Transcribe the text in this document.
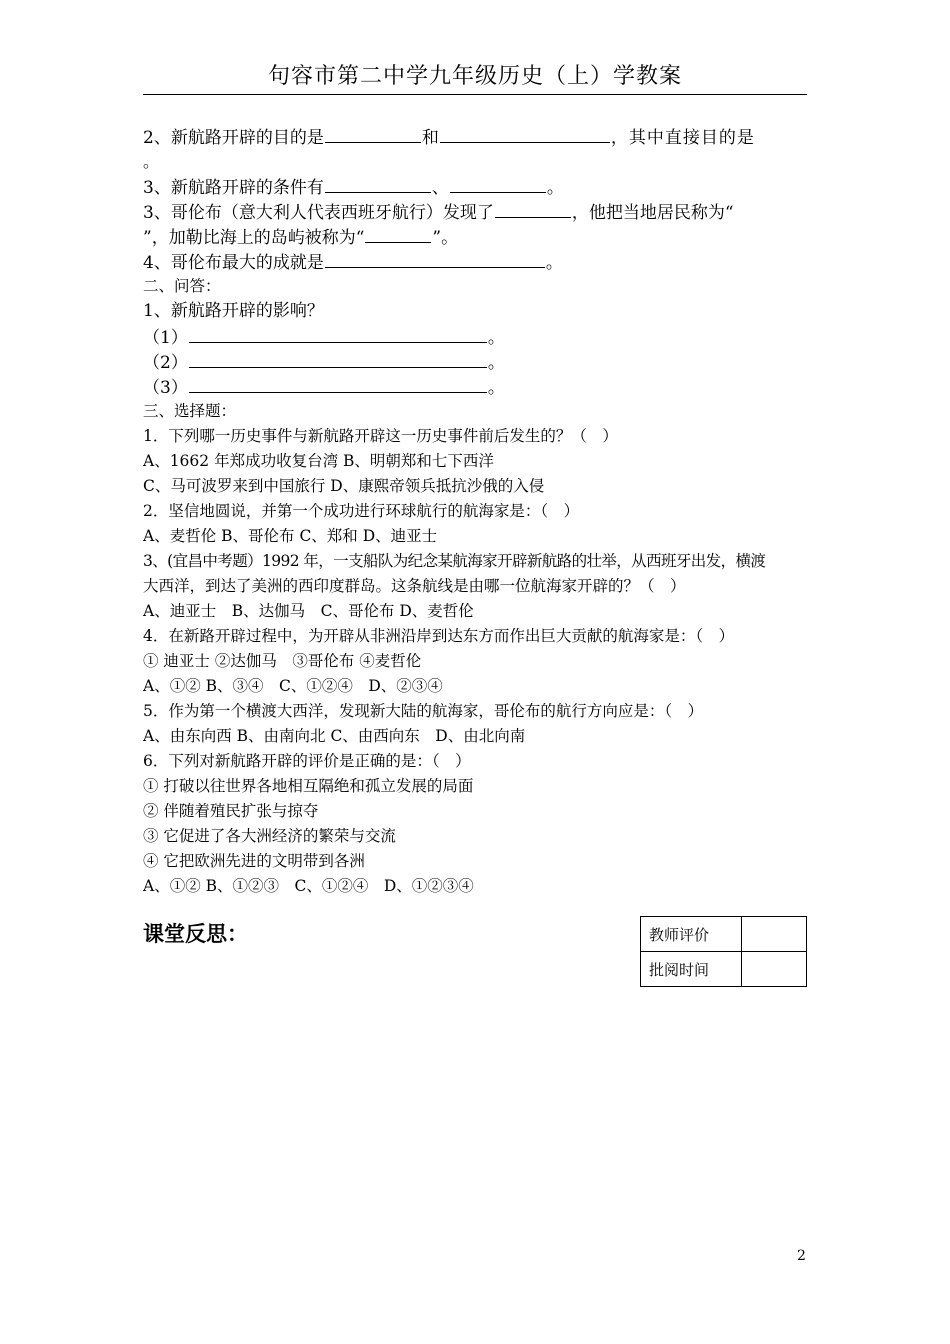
句容市第二中学九年级历史（上）学教案
2、新航路开辟的目的是	和	，其中直接目的是
。
3、新航路开辟的条件有	、	。
3、哥伦布（意大利人代表西班牙航行）发现了	，他把当地居民称为“
”，加勒比海上的岛屿被称为“	”。
4、哥伦布最大的成就是	。
二、问答：
1、新航路开辟的影响？
（1）	。
（2）	。
（3）	。
三、选择题：
1．下列哪一历史事件与新航路开辟这一历史事件前后发生的？（　）
A、1662 年郑成功收复台湾 B、明朝郑和七下西洋
C、马可波罗来到中国旅行 D、康熙帝领兵抵抗沙俄的入侵
2．坚信地圆说，并第一个成功进行环球航行的航海家是：（　）
A、麦哲伦 B、哥伦布 C、郑和 D、迪亚士
3、(宜昌中考题）1992 年，一支船队为纪念某航海家开辟新航路的壮举，从西班牙出发，横渡
大西洋，到达了美洲的西印度群岛。这条航线是由哪一位航海家开辟的？（　）
A、迪亚士　B、达伽马　C、哥伦布 D、麦哲伦
4．在新路开辟过程中，为开辟从非洲沿岸到达东方而作出巨大贡献的航海家是：（　）
① 迪亚士 ②达伽马　③哥伦布 ④麦哲伦
A、①② B、③④　C、①②④　D、②③④
5．作为第一个横渡大西洋，发现新大陆的航海家，哥伦布的航行方向应是：（　）
A、由东向西 B、由南向北 C、由西向东　D、由北向南
6．下列对新航路开辟的评价是正确的是：（　）
① 打破以往世界各地相互隔绝和孤立发展的局面
② 伴随着殖民扩张与掠夺
③ 它促进了各大洲经济的繁荣与交流
④ 它把欧洲先进的文明带到各洲
A、①② B、①②③　C、①②④　D、①②③④
课堂反思：	教师评价	
批阅时间	
2
